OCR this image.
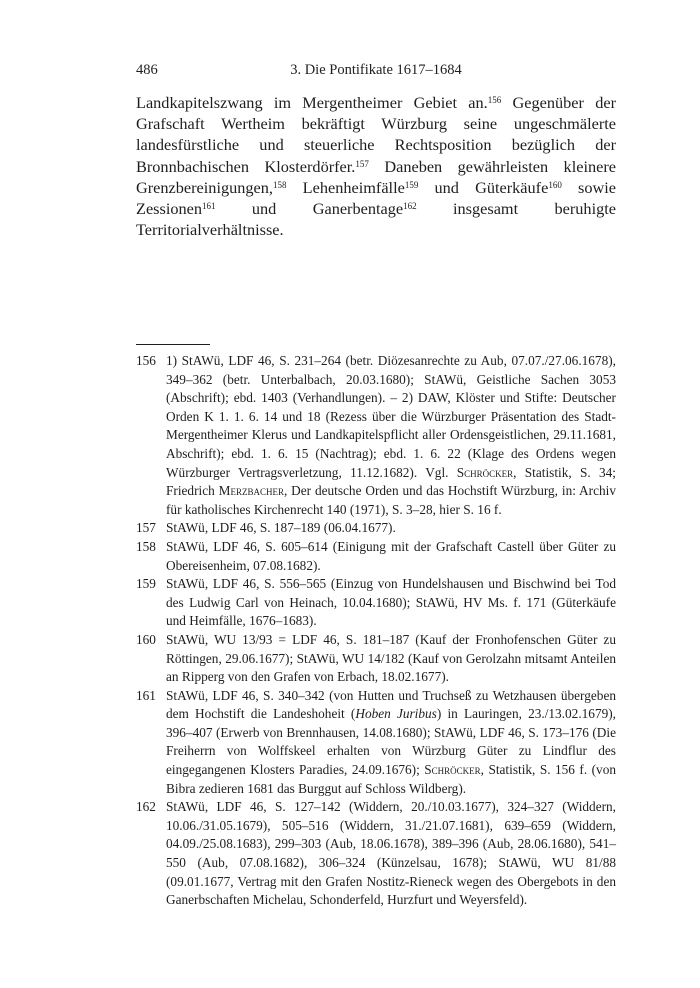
486	3. Die Pontifikate 1617–1684

Landkapitelszwang im Mergentheimer Gebiet an.$^{156}$ Gegenüber der Grafschaft Wertheim bekräftigt Würzburg seine ungeschmälerte landesfürstliche und steuerliche Rechtsposition bezüglich der Bronnbachischen Klosterdörfer.$^{157}$ Daneben gewährleisten kleinere Grenzbereinigungen,$^{158}$ Lehenheimfälle$^{159}$ und Güterkäufe$^{160}$ sowie Zessionen$^{161}$ und Ganerbentage$^{162}$ insgesamt beruhigte Territorialverhältnisse.

156 1) StAWü, LDF 46, S. 231–264 (betr. Diözesanrechte zu Aub, 07.07./27.06.1678), 349–362 (betr. Unterbalbach, 20.03.1680); StAWü, Geistliche Sachen 3053 (Abschrift); ebd. 1403 (Verhandlungen). – 2) DAW, Klöster und Stifte: Deutscher Orden K 1. 1. 6. 14 und 18 (Rezess über die Würzburger Präsentation des Stadt-Mergentheimer Klerus und Landkapitelspflicht aller Ordensgeistlichen, 29.11.1681, Abschrift); ebd. 1. 6. 15 (Nachtrag); ebd. 1. 6. 22 (Klage des Ordens wegen Würzburger Vertragsverletzung, 11.12.1682). Vgl. Schröcker, Statistik, S. 34; Friedrich Merzbacher, Der deutsche Orden und das Hochstift Würzburg, in: Archiv für katholisches Kirchenrecht 140 (1971), S. 3–28, hier S. 16 f.
157 StAWü, LDF 46, S. 187–189 (06.04.1677).
158 StAWü, LDF 46, S. 605–614 (Einigung mit der Grafschaft Castell über Güter zu Obereisenheim, 07.08.1682).
159 StAWü, LDF 46, S. 556–565 (Einzug von Hundelshausen und Bischwind bei Tod des Ludwig Carl von Heinach, 10.04.1680); StAWü, HV Ms. f. 171 (Güterkäufe und Heimfälle, 1676–1683).
160 StAWü, WU 13/93 = LDF 46, S. 181–187 (Kauf der Fronhofenschen Güter zu Röttingen, 29.06.1677); StAWü, WU 14/182 (Kauf von Gerolzahn mitsamt Anteilen an Ripperg von den Grafen von Erbach, 18.02.1677).
161 StAWü, LDF 46, S. 340–342 (von Hutten und Truchseß zu Wetzhausen übergeben dem Hochstift die Landeshoheit (Hoben Juribus) in Lauringen, 23./13.02.1679), 396–407 (Erwerb von Brennhausen, 14.08.1680); StAWü, LDF 46, S. 173–176 (Die Freiherrn von Wolffskeel erhalten von Würzburg Güter zu Lindflur des eingegangenen Klosters Paradies, 24.09.1676); Schröcker, Statistik, S. 156 f. (von Bibra zedieren 1681 das Burggut auf Schloss Wildberg).
162 StAWü, LDF 46, S. 127–142 (Widdern, 20./10.03.1677), 324–327 (Widdern, 10.06./31.05.1679), 505–516 (Widdern, 31./21.07.1681), 639–659 (Widdern, 04.09./25.08.1683), 299–303 (Aub, 18.06.1678), 389–396 (Aub, 28.06.1680), 541–550 (Aub, 07.08.1682), 306–324 (Künzelsau, 1678); StAWü, WU 81/88 (09.01.1677, Vertrag mit den Grafen Nostitz-Rieneck wegen des Obergebots in den Ganerbschaften Michelau, Schonderfeld, Hurzfurt und Weyersfeld).
